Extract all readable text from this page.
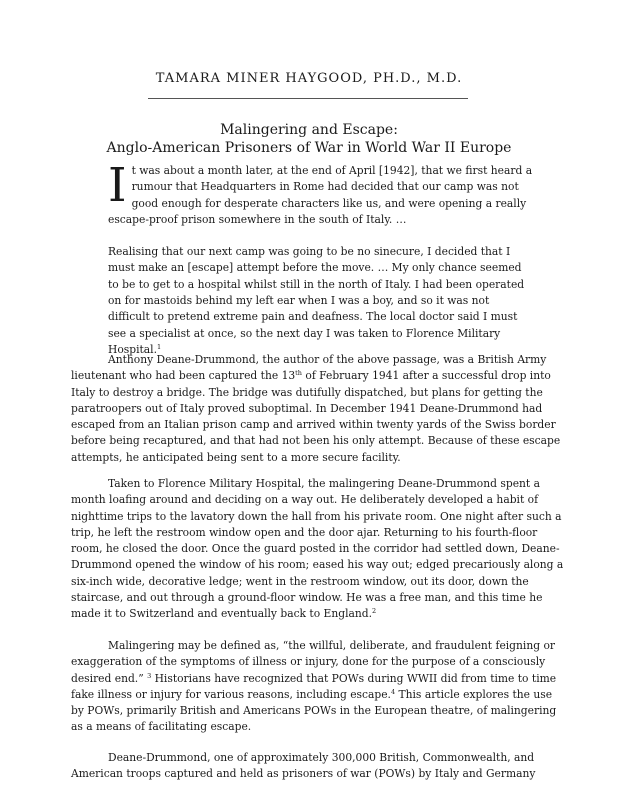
TAMARA MINER HAYGOOD, PH.D., M.D.
Malingering and Escape:
Anglo-American Prisoners of War in World War II Europe
I t was about a month later, at the end of April [1942], that we first heard a
rumour that Headquarters in Rome had decided that our camp was not
good enough for desperate characters like us, and were opening a really
escape-proof prison somewhere in the south of Italy. …
Realising that our next camp was going to be no sinecure, I decided that I
must make an [escape] attempt before the move. … My only chance seemed
to be to get to a hospital whilst still in the north of Italy. I had been operated
on for mastoids behind my left ear when I was a boy, and so it was not
difficult to pretend extreme pain and deafness. The local doctor said I must
see a specialist at once, so the next day I was taken to Florence Military
Hospital.$^1$
Anthony Deane-Drummond, the author of the above passage, was a British Army
lieutenant who had been captured the 13th of February 1941 after a successful drop into
Italy to destroy a bridge. The bridge was dutifully dispatched, but plans for getting the
paratroopers out of Italy proved suboptimal. In December 1941 Deane-Drummond had
escaped from an Italian prison camp and arrived within twenty yards of the Swiss border
before being recaptured, and that had not been his only attempt. Because of these escape
attempts, he anticipated being sent to a more secure facility.
Taken to Florence Military Hospital, the malingering Deane-Drummond spent a
month loafing around and deciding on a way out. He deliberately developed a habit of
nighttime trips to the lavatory down the hall from his private room. One night after such a
trip, he left the restroom window open and the door ajar. Returning to his fourth-floor
room, he closed the door. Once the guard posted in the corridor had settled down, Deane-
Drummond opened the window of his room; eased his way out; edged precariously along a
six-inch wide, decorative ledge; went in the restroom window, out its door, down the
staircase, and out through a ground-floor window. He was a free man, and this time he
made it to Switzerland and eventually back to England.$^2$
Malingering may be defined as, “the willful, deliberate, and fraudulent feigning or
exaggeration of the symptoms of illness or injury, done for the purpose of a consciously
desired end.” $^3$ Historians have recognized that POWs during WWII did from time to time
fake illness or injury for various reasons, including escape.$^4$ This article explores the use
by POWs, primarily British and Americans POWs in the European theatre, of malingering
as a means of facilitating escape.
Deane-Drummond, one of approximately 300,000 British, Commonwealth, and
American troops captured and held as prisoners of war (POWs) by Italy and Germany
